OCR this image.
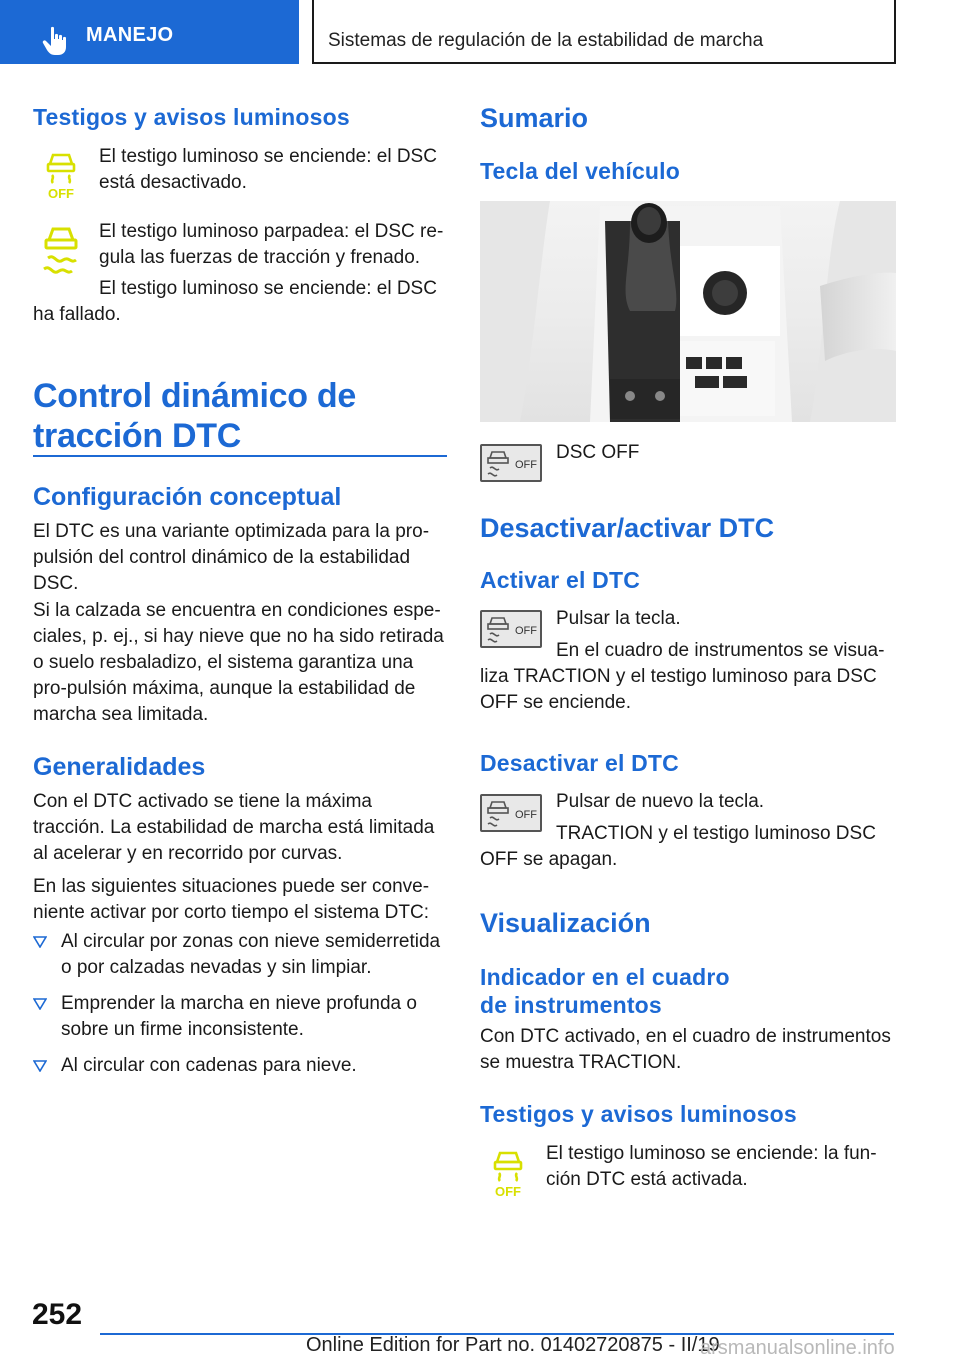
MANEJO	Sistemas de regulación de la estabilidad de marcha
Testigos y avisos luminosos
OFF
El testigo luminoso se enciende: el DSC está desactivado.
El testigo luminoso parpadea: el DSC re-gula las fuerzas de tracción y frenado.
El testigo luminoso se enciende: el DSC ha fallado.
Control dinámico de
tracción DTC
Configuración conceptual
El DTC es una variante optimizada para la pro-pulsión del control dinámico de la estabilidad DSC.
Si la calzada se encuentra en condiciones espe-ciales, p. ej., si hay nieve que no ha sido retirada o suelo resbaladizo, el sistema garantiza una pro-pulsión máxima, aunque la estabilidad de marcha sea limitada.
Generalidades
Con el DTC activado se tiene la máxima tracción. La estabilidad de marcha está limitada al acelerar y en recorrido por curvas.
En las siguientes situaciones puede ser conve-niente activar por corto tiempo el sistema DTC:
Al circular por zonas con nieve semiderretida o por calzadas nevadas y sin limpiar.
Emprender la marcha en nieve profunda o sobre un firme inconsistente.
Al circular con cadenas para nieve.
Sumario
Tecla del vehículo
OFF
DSC OFF
Desactivar/activar DTC
Activar el DTC
OFF
Pulsar la tecla.
En el cuadro de instrumentos se visua-liza TRACTION y el testigo luminoso para DSC OFF se enciende.
Desactivar el DTC
OFF
Pulsar de nuevo la tecla.
TRACTION y el testigo luminoso DSC OFF se apagan.
Visualización
Indicador en el cuadro
de instrumentos
Con DTC activado, en el cuadro de instrumentos se muestra TRACTION.
Testigos y avisos luminosos
OFF
El testigo luminoso se enciende: la fun-ción DTC está activada.
252
Online Edition for Part no. 01402720875 - II/19
arsmanualsonline.info
